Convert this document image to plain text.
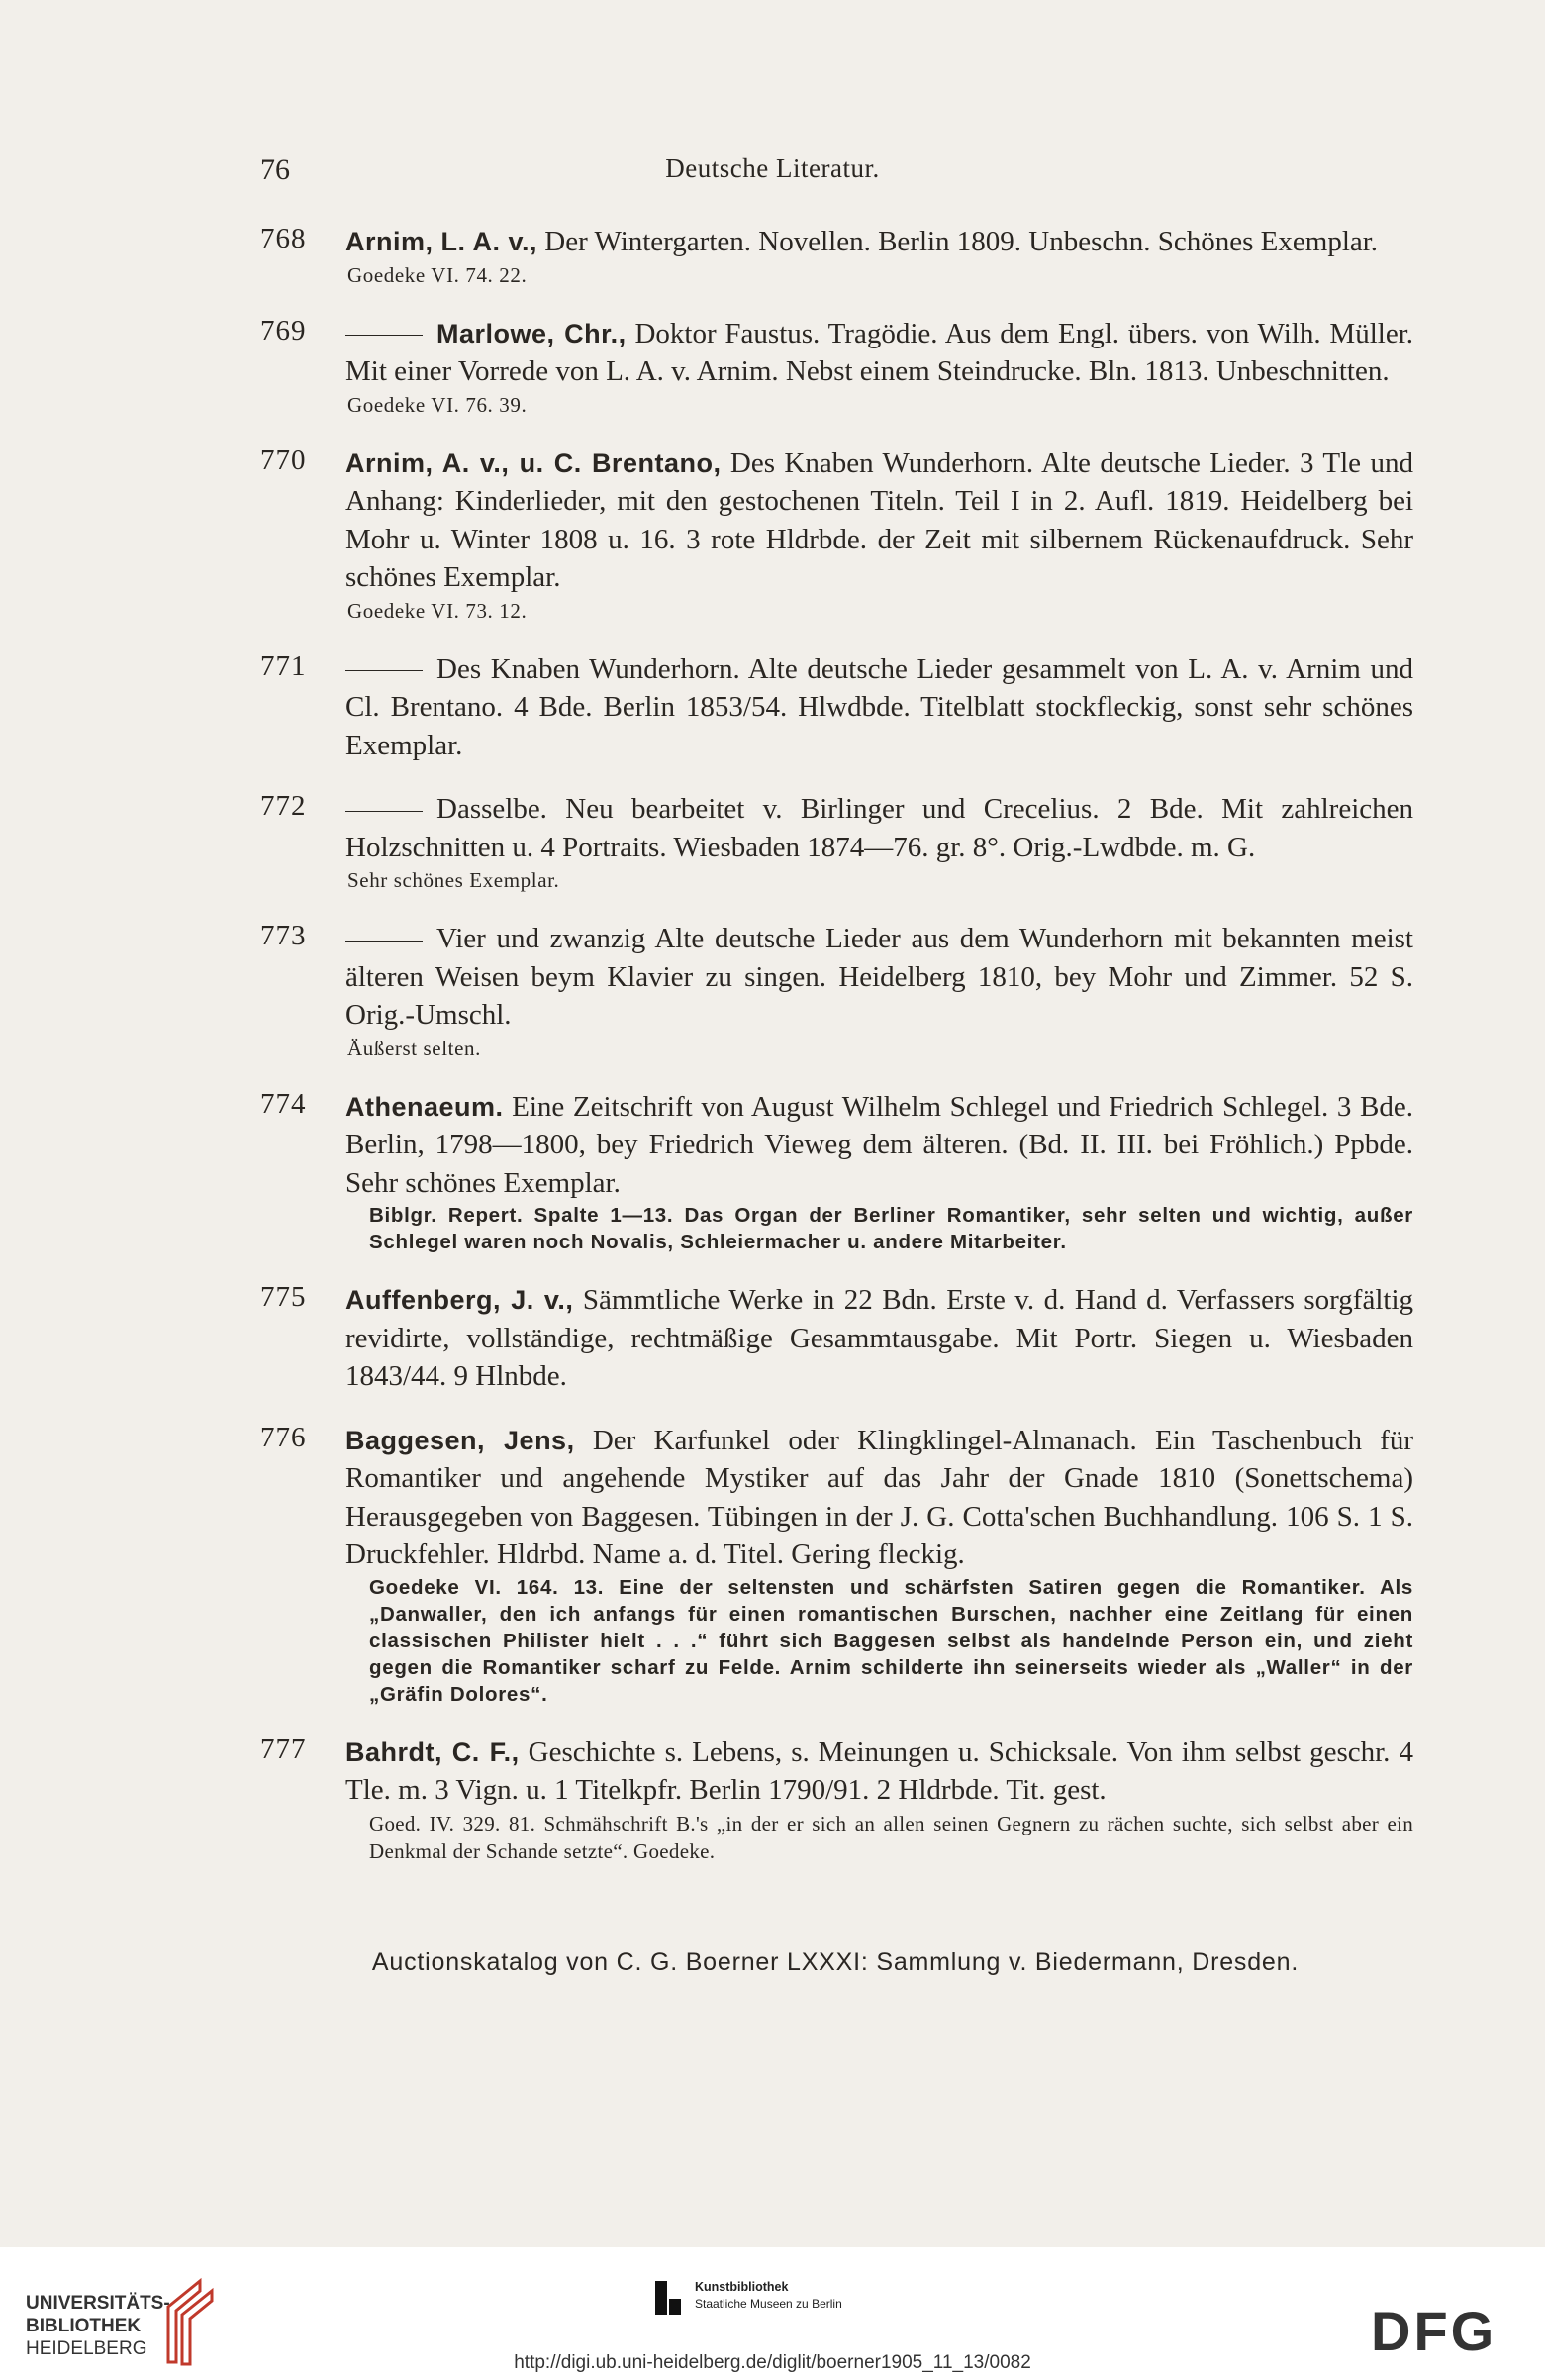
76	Deutsche Literatur.
768 Arnim, L. A. v., Der Wintergarten. Novellen. Berlin 1809. Unbeschn. Schönes Exemplar.
Goedeke VI. 74. 22.
769	Marlowe, Chr., Doktor Faustus. Tragödie. Aus dem Engl. übers. von Wilh. Müller. Mit einer Vorrede von L. A. v. Arnim. Nebst einem Steindrucke. Bln. 1813. Unbeschnitten.
Goedeke VI. 76. 39.
770 Arnim, A. v., u. C. Brentano, Des Knaben Wunderhorn. Alte deutsche Lieder. 3 Tle und Anhang: Kinderlieder, mit den gestochenen Titeln. Teil I in 2. Aufl. 1819. Heidelberg bei Mohr u. Winter 1808 u. 16. 3 rote Hldrbde. der Zeit mit silbernem Rückenaufdruck. Sehr schönes Exemplar.
Goedeke VI. 73. 12.
771	Des Knaben Wunderhorn. Alte deutsche Lieder gesammelt von L. A. v. Arnim und Cl. Brentano. 4 Bde. Berlin 1853/54. Hlwdbde. Titelblatt stockfleckig, sonst sehr schönes Exemplar.
772	Dasselbe. Neu bearbeitet v. Birlinger und Crecelius. 2 Bde. Mit zahlreichen Holzschnitten u. 4 Portraits. Wiesbaden 1874—76. gr. 8°. Orig.-Lwdbde. m. G.
Sehr schönes Exemplar.
773	Vier und zwanzig Alte deutsche Lieder aus dem Wunderhorn mit bekannten meist älteren Weisen beym Klavier zu singen. Heidelberg 1810, bey Mohr und Zimmer. 52 S. Orig.-Umschl.
Äußerst selten.
774 Athenaeum. Eine Zeitschrift von August Wilhelm Schlegel und Friedrich Schlegel. 3 Bde. Berlin, 1798—1800, bey Friedrich Vieweg dem älteren. (Bd. II. III. bei Fröhlich.) Ppbde. Sehr schönes Exemplar.
Biblgr. Repert. Spalte 1—13. Das Organ der Berliner Romantiker, sehr selten und wichtig, außer Schlegel waren noch Novalis, Schleiermacher u. andere Mitarbeiter.
775 Auffenberg, J. v., Sämmtliche Werke in 22 Bdn. Erste v. d. Hand d. Verfassers sorgfältig revidirte, vollständige, rechtmäßige Gesammtausgabe. Mit Portr. Siegen u. Wiesbaden 1843/44. 9 Hlnbde.
776 Baggesen, Jens, Der Karfunkel oder Klingklingel-Almanach. Ein Taschenbuch für Romantiker und angehende Mystiker auf das Jahr der Gnade 1810 (Sonettschema) Herausgegeben von Baggesen. Tübingen in der J. G. Cotta'schen Buchhandlung. 106 S. 1 S. Druckfehler. Hldrbd. Name a. d. Titel. Gering fleckig.
Goedeke VI. 164. 13. Eine der seltensten und schärfsten Satiren gegen die Romantiker. Als „Danwaller, den ich anfangs für einen romantischen Burschen, nachher eine Zeitlang für einen classischen Philister hielt . . .“ führt sich Baggesen selbst als handelnde Person ein, und zieht gegen die Romantiker scharf zu Felde. Arnim schilderte ihn seinerseits wieder als „Waller“ in der „Gräfin Dolores“.
777 Bahrdt, C. F., Geschichte s. Lebens, s. Meinungen u. Schicksale. Von ihm selbst geschr. 4 Tle. m. 3 Vign. u. 1 Titelkpfr. Berlin 1790/91. 2 Hldrbde. Tit. gest.
Goed. IV. 329. 81. Schmähschrift B.'s „in der er sich an allen seinen Gegnern zu rächen suchte, sich selbst aber ein Denkmal der Schande setzte“. Goedeke.
Auctionskatalog von C. G. Boerner LXXXI: Sammlung v. Biedermann, Dresden.
UNIVERSITÄTS-
BIBLIOTHEK
HEIDELBERG
Kunstbibliothek
Staatliche Museen zu Berlin	DFG
http://digi.ub.uni-heidelberg.de/diglit/boerner1905_11_13/0082
